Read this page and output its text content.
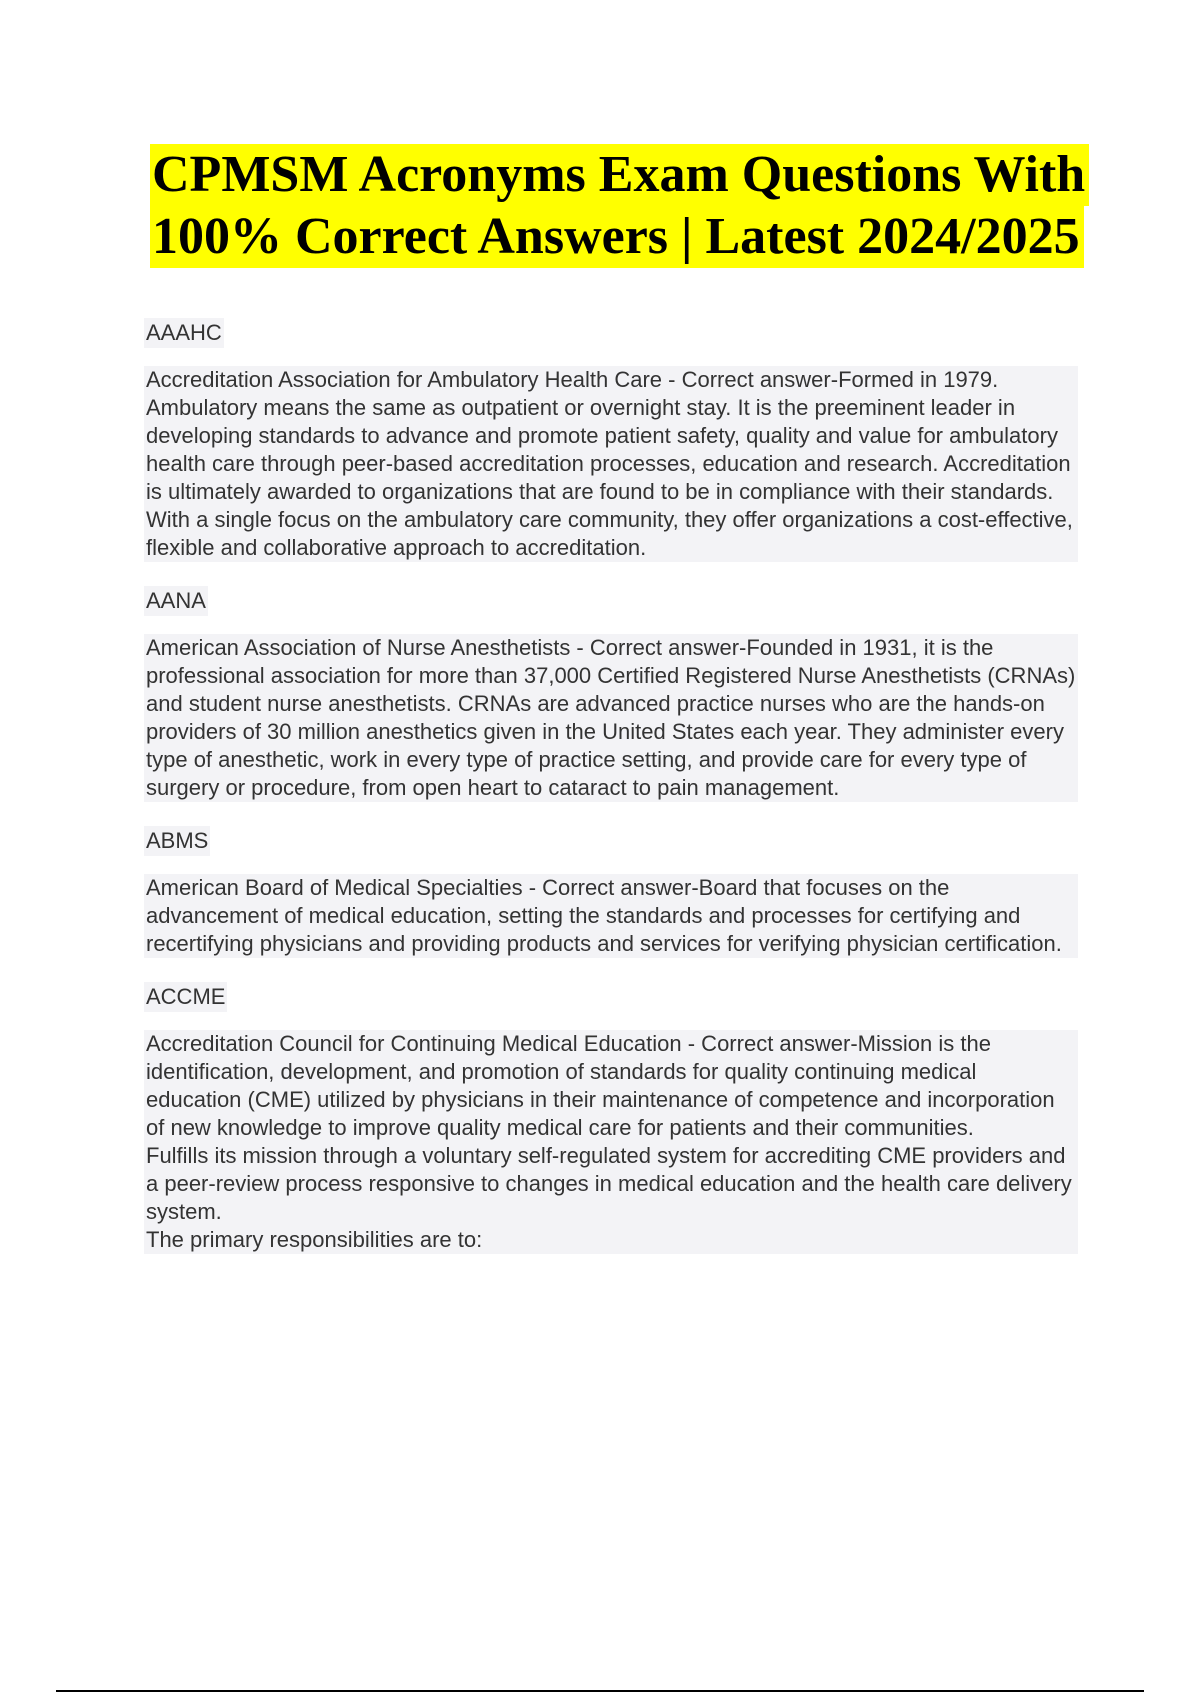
CPMSM Acronyms Exam Questions With
100% Correct Answers | Latest 2024/2025
AAAHC

Accreditation Association for Ambulatory Health Care - Correct answer-Formed in 1979. Ambulatory means the same as outpatient or overnight stay. It is the preeminent leader in developing standards to advance and promote patient safety, quality and value for ambulatory health care through peer-based accreditation processes, education and research. Accreditation is ultimately awarded to organizations that are found to be in compliance with their standards.

With a single focus on the ambulatory care community, they offer organizations a cost-effective, flexible and collaborative approach to accreditation.

AANA

American Association of Nurse Anesthetists - Correct answer-Founded in 1931, it is the professional association for more than 37,000 Certified Registered Nurse Anesthetists (CRNAs) and student nurse anesthetists. CRNAs are advanced practice nurses who are the hands-on providers of 30 million anesthetics given in the United States each year. They administer every type of anesthetic, work in every type of practice setting, and provide care for every type of surgery or procedure, from open heart to cataract to pain management.

ABMS

American Board of Medical Specialties - Correct answer-Board that focuses on the advancement of medical education, setting the standards and processes for certifying and recertifying physicians and providing products and services for verifying physician certification.

ACCME

Accreditation Council for Continuing Medical Education - Correct answer-Mission is the identification, development, and promotion of standards for quality continuing medical education (CME) utilized by physicians in their maintenance of competence and incorporation of new knowledge to improve quality medical care for patients and their communities.

Fulfills its mission through a voluntary self-regulated system for accrediting CME providers and a peer-review process responsive to changes in medical education and the health care delivery system.

The primary responsibilities are to:
